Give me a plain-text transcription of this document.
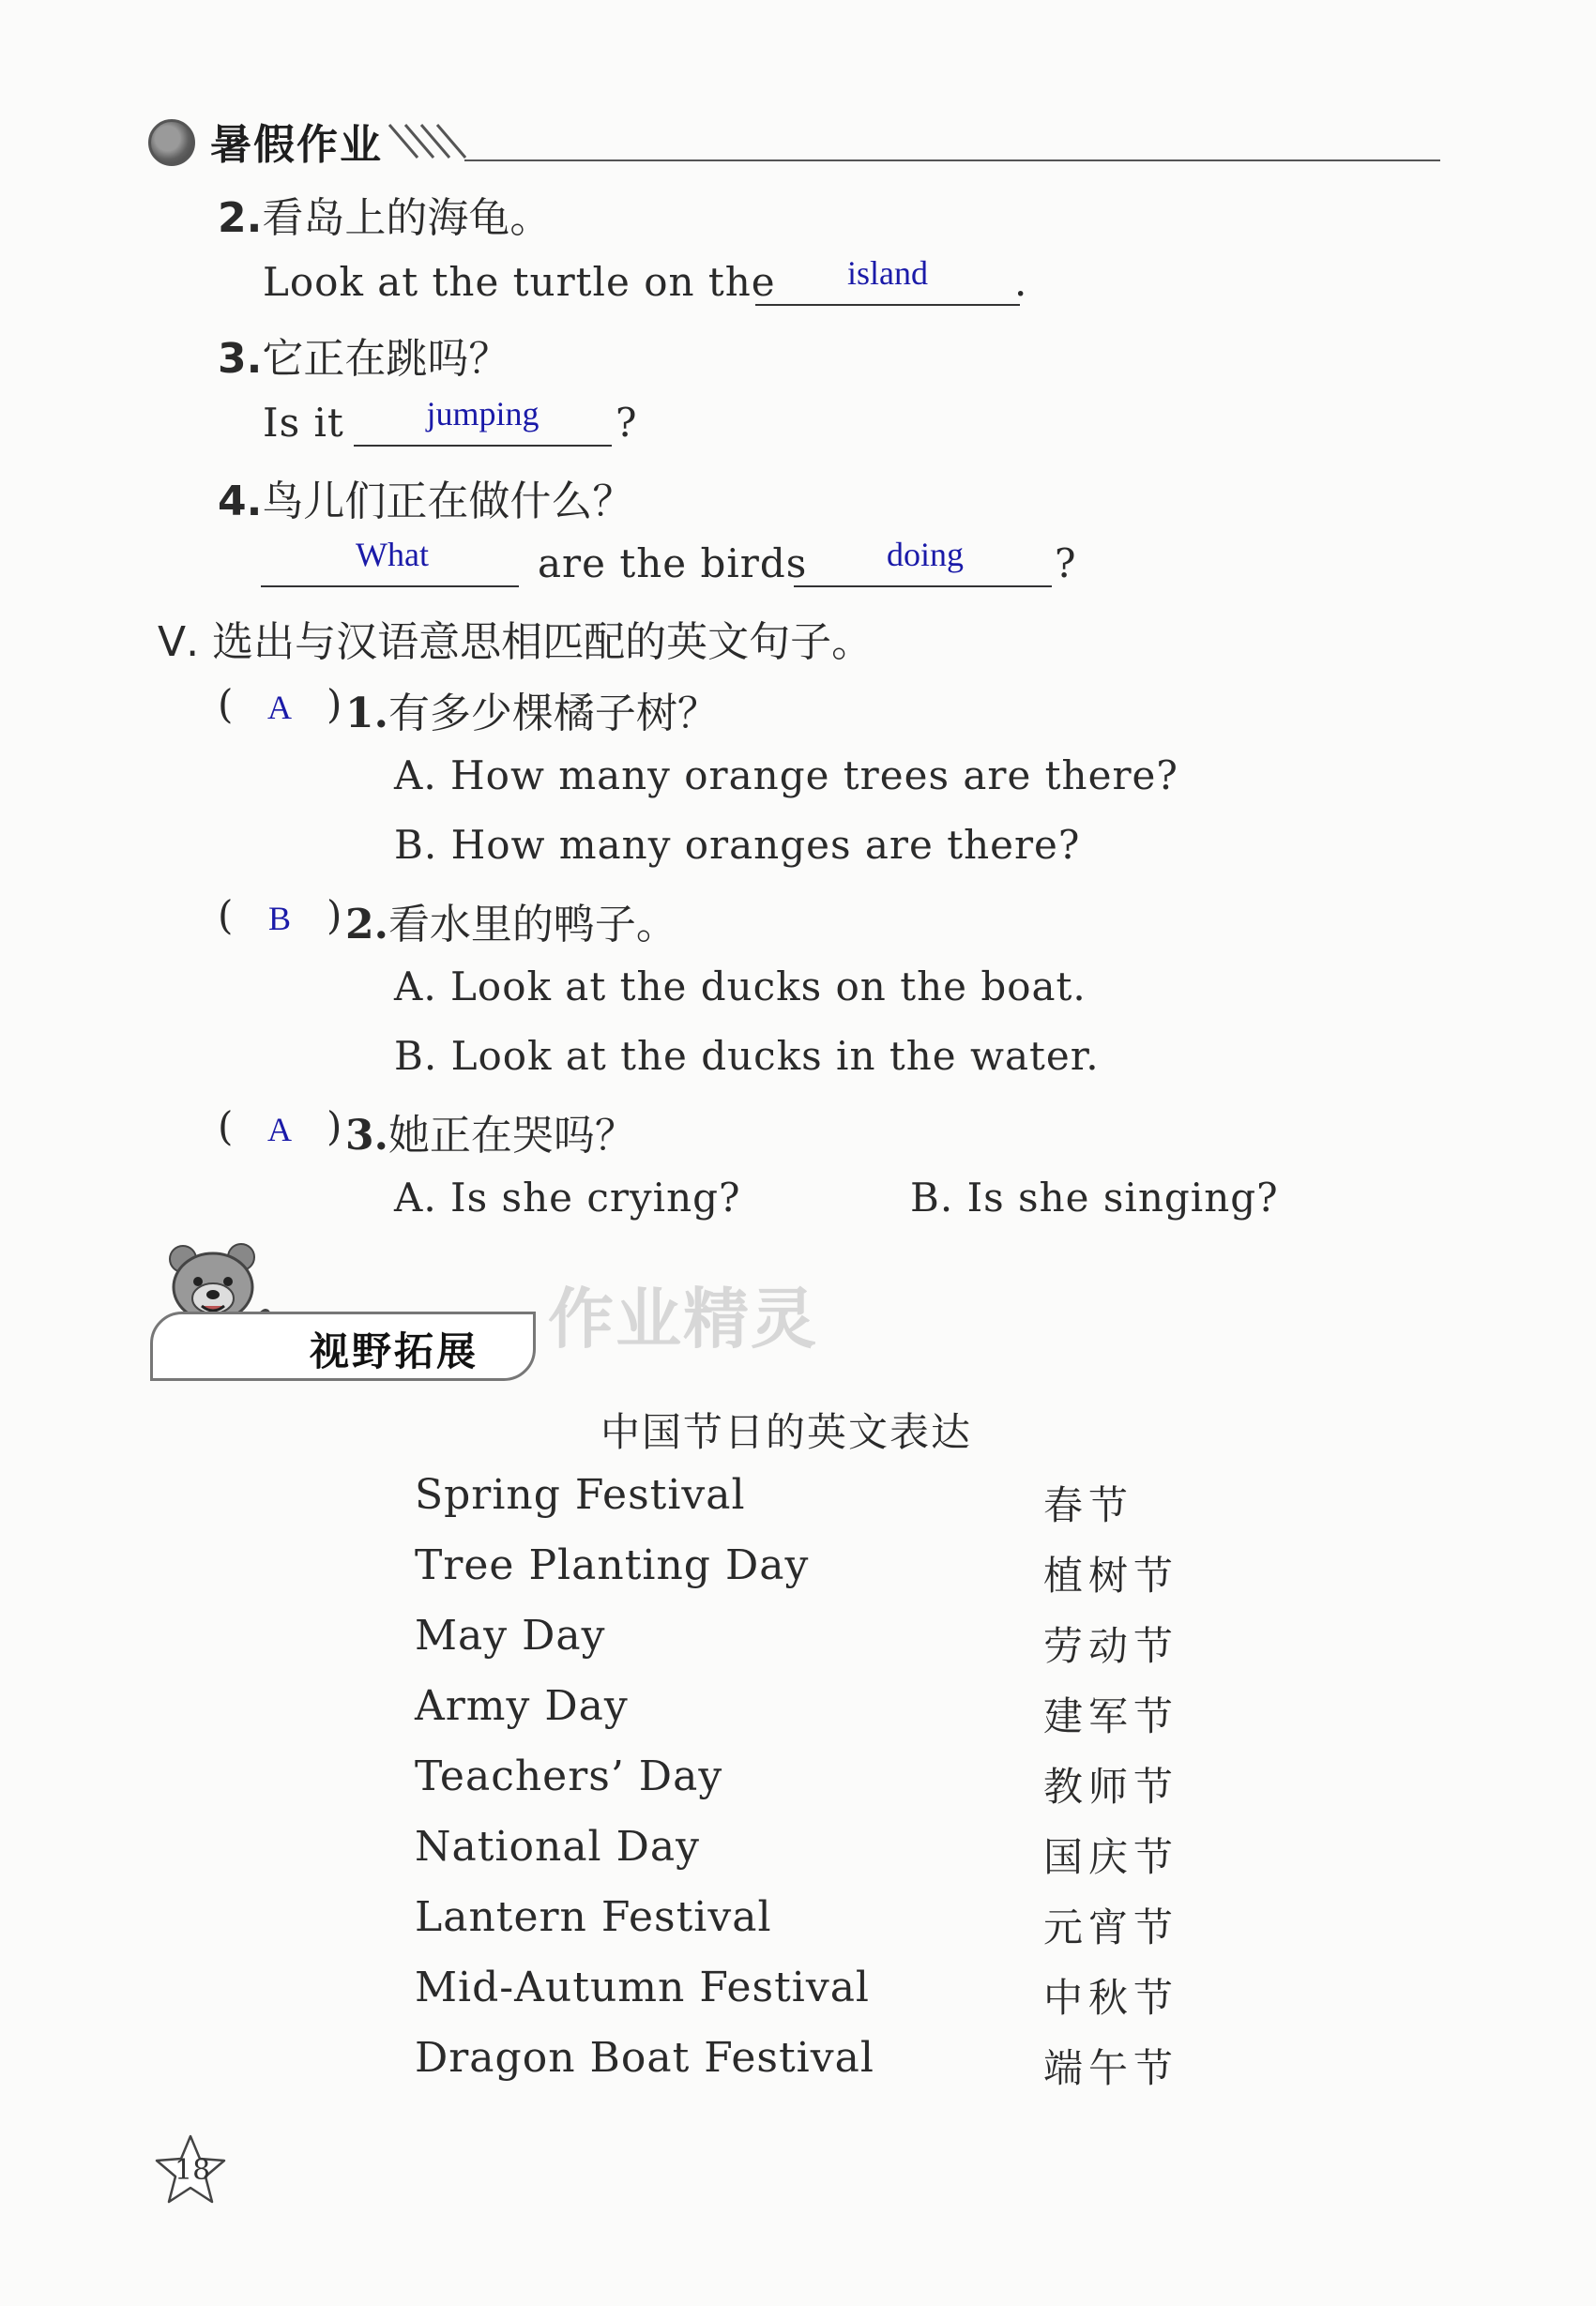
暑假作业
2.看岛上的海龟。
Look at the turtle on the	island	.
3.它正在跳吗？
Is it	jumping	?
4.鸟儿们正在做什么？
What	are the birds	doing	?
Ⅴ. 选出与汉语意思相匹配的英文句子。
( A ) 1.有多少棵橘子树？
A. How many orange trees are there?
B. How many oranges are there?
(	B ) 2.看水里的鸭子。
A. Look at the ducks on the boat.
B. Look at the ducks in the water.
( A ) 3.她正在哭吗？
A. Is she crying?	B. Is she singing?
视野拓展 作业精灵
中国节日的英文表达
Spring Festival	春节
Tree Planting Day	植树节
May Day	劳动节
Army Day	建军节
Teachers’ Day	教师节
National Day	国庆节
Lantern Festival	元宵节
Mid-Autumn Festival	中秋节
Dragon Boat Festival	端午节
18
